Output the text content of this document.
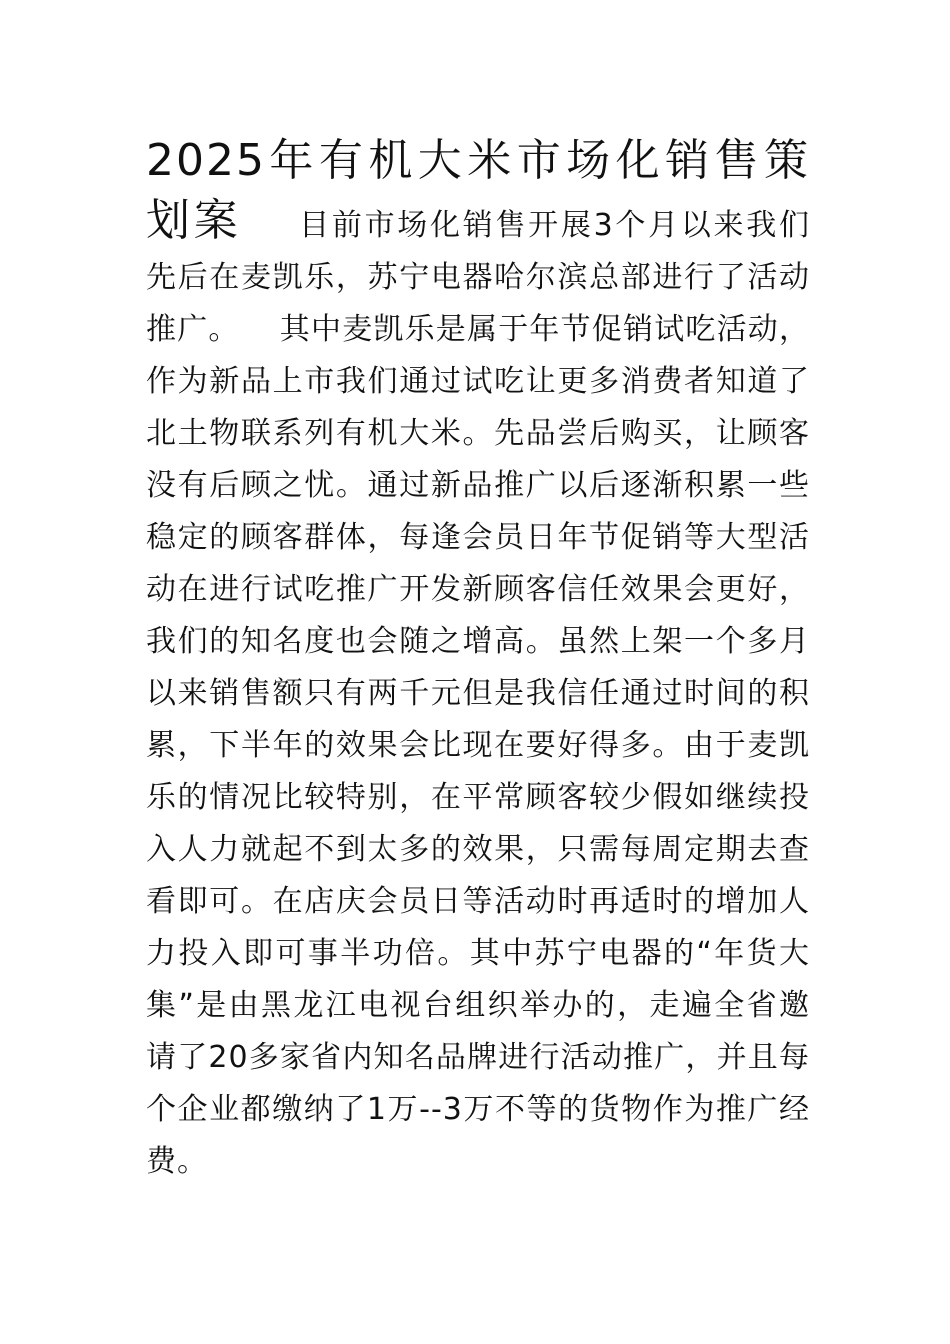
2025年有机大米市场化销售策划案 目前市场化销售开展3个月以来我们先后在麦凯乐，苏宁电器哈尔滨总部进行了活动推广。 其中麦凯乐是属于年节促销试吃活动，作为新品上市我们通过试吃让更多消费者知道了北土物联系列有机大米。先品尝后购买，让顾客没有后顾之忧。通过新品推广以后逐渐积累一些稳定的顾客群体，每逢会员日年节促销等大型活动在进行试吃推广开发新顾客信任效果会更好，我们的知名度也会随之增高。虽然上架一个多月以来销售额只有两千元但是我信任通过时间的积累，下半年的效果会比现在要好得多。由于麦凯乐的情况比较特别，在平常顾客较少假如继续投入人力就起不到太多的效果，只需每周定期去查看即可。在店庆会员日等活动时再适时的增加人力投入即可事半功倍。其中苏宁电器的“年货大集”是由黑龙江电视台组织举办的，走遍全省邀请了20多家省内知名品牌进行活动推广，并且每个企业都缴纳了1万--3万不等的货物作为推广经费。
